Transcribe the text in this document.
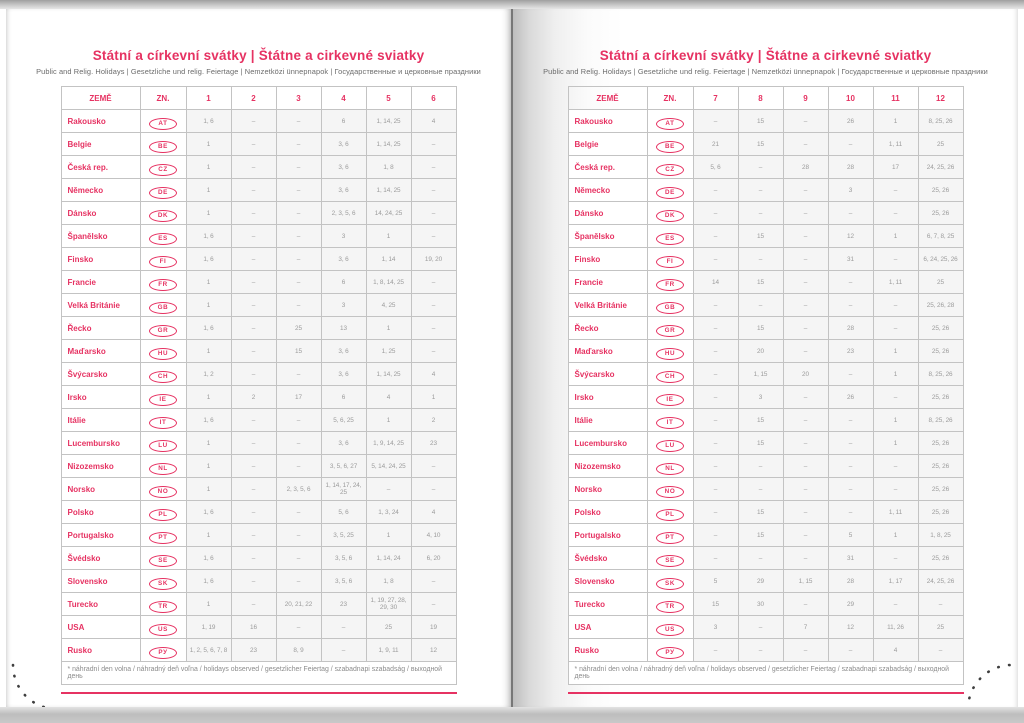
Státní a církevní svátky | Štátne a cirkevné sviatky
Public and Relig. Holidays | Gesetzliche und relig. Feiertage | Nemzetközi ünnepnapok | Государственные и церковные праздники
ZEMĚ	ZN.	1	2	3	4	5	6
Rakousko	AT	1, 6	–	–	6	1, 14, 25	4
Belgie	BE	1	–	–	3, 6	1, 14, 25	–
Česká rep.	CZ	1	–	–	3, 6	1, 8	–
Německo	DE	1	–	–	3, 6	1, 14, 25	–
Dánsko	DK	1	–	–	2, 3, 5, 6	14, 24, 25	–
Španělsko	ES	1, 6	–	–	3	1	–
Finsko	FI	1, 6	–	–	3, 6	1, 14	19, 20
Francie	FR	1	–	–	6	1, 8, 14, 25	–
Velká Británie	GB	1	–	–	3	4, 25	–
Řecko	GR	1, 6	–	25	13	1	–
Maďarsko	HU	1	–	15	3, 6	1, 25	–
Švýcarsko	CH	1, 2	–	–	3, 6	1, 14, 25	4
Irsko	IE	1	2	17	6	4	1
Itálie	IT	1, 6	–	–	5, 6, 25	1	2
Lucembursko	LU	1	–	–	3, 6	1, 9, 14, 25	23
Nizozemsko	NL	1	–	–	3, 5, 6, 27	5, 14, 24, 25	–
Norsko	NO	1	–	2, 3, 5, 6	1, 14, 17, 24, 25	–	–
Polsko	PL	1, 6	–	–	5, 6	1, 3, 24	4
Portugalsko	PT	1	–	–	3, 5, 25	1	4, 10
Švédsko	SE	1, 6	–	–	3, 5, 6	1, 14, 24	6, 20
Slovensko	SK	1, 6	–	–	3, 5, 6	1, 8	–
Turecko	TR	1	–	20, 21, 22	23	1, 19, 27, 28, 29, 30	–
USA	US	1, 19	16	–	–	25	19
Rusko	РУ	1, 2, 5, 6, 7, 8	23	8, 9	–	1, 9, 11	12
* náhradní den volna / náhradný deň voľna / holidays observed / gesetzlicher Feiertag / szabadnapi szabadság / выходной день							
Státní a církevní svátky | Štátne a cirkevné sviatky
Public and Relig. Holidays | Gesetzliche und relig. Feiertage | Nemzetközi ünnepnapok | Государственные и церковные праздники
ZEMĚ	ZN.	7	8	9	10	11	12
Rakousko	AT	–	15	–	26	1	8, 25, 26
Belgie	BE	21	15	–	–	1, 11	25
Česká rep.	CZ	5, 6	–	28	28	17	24, 25, 26
Německo	DE	–	–	–	3	–	25, 26
Dánsko	DK	–	–	–	–	–	25, 26
Španělsko	ES	–	15	–	12	1	6, 7, 8, 25
Finsko	FI	–	–	–	31	–	6, 24, 25, 26
Francie	FR	14	15	–	–	1, 11	25
Velká Británie	GB	–	–	–	–	–	25, 26, 28
Řecko	GR	–	15	–	28	–	25, 26
Maďarsko	HU	–	20	–	23	1	25, 26
Švýcarsko	CH	–	1, 15	20	–	1	8, 25, 26
Irsko	IE	–	3	–	26	–	25, 26
Itálie	IT	–	15	–	–	1	8, 25, 26
Lucembursko	LU	–	15	–	–	1	25, 26
Nizozemsko	NL	–	–	–	–	–	25, 26
Norsko	NO	–	–	–	–	–	25, 26
Polsko	PL	–	15	–	–	1, 11	25, 26
Portugalsko	PT	–	15	–	5	1	1, 8, 25
Švédsko	SE	–	–	–	31	–	25, 26
Slovensko	SK	5	29	1, 15	28	1, 17	24, 25, 26
Turecko	TR	15	30	–	29	–	–
USA	US	3	–	7	12	11, 26	25
Rusko	РУ	–	–	–	–	4	–
* náhradní den volna / náhradný deň voľna / holidays observed / gesetzlicher Feiertag / szabadnapi szabadság / выходной день							
